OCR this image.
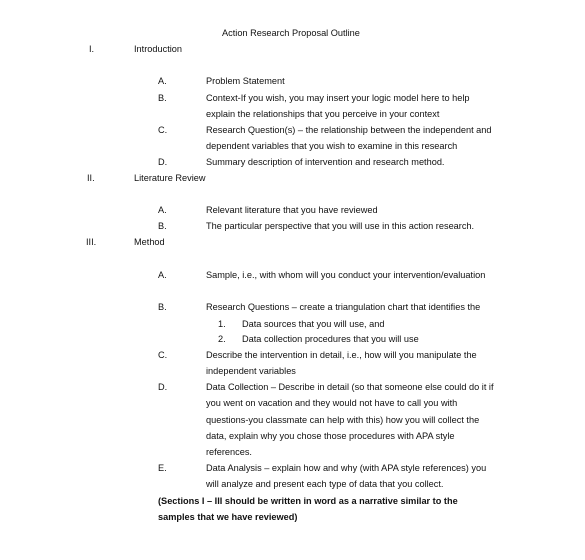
Action Research Proposal Outline
I.	Introduction
A.	Problem Statement
B.	Context-If you wish, you may insert your logic model here to help
explain the relationships that you perceive in your context
C.	Research Question(s) – the relationship between the independent and
dependent variables that you wish to examine in this research
D.	Summary description of intervention and research method.
II.	Literature Review
A.	Relevant literature that you have reviewed
B.	The particular perspective that you will use in this action research.
III.	Method
A.	Sample, i.e., with whom will you conduct your intervention/evaluation
B.	Research Questions – create a triangulation chart that identifies the
1. Data sources that you will use, and
2. Data collection procedures that you will use
C.	Describe the intervention in detail, i.e., how will you manipulate the
independent variables
D.	Data Collection – Describe in detail (so that someone else could do it if
you went on vacation and they would not have to call you with
questions-you classmate can help with this) how you will collect the
data, explain why you chose those procedures with APA style
references.
E.	Data Analysis – explain how and why (with APA style references) you
will analyze and present each type of data that you collect.
(Sections I – III should be written in word as a narrative similar to the
samples that we have reviewed)
